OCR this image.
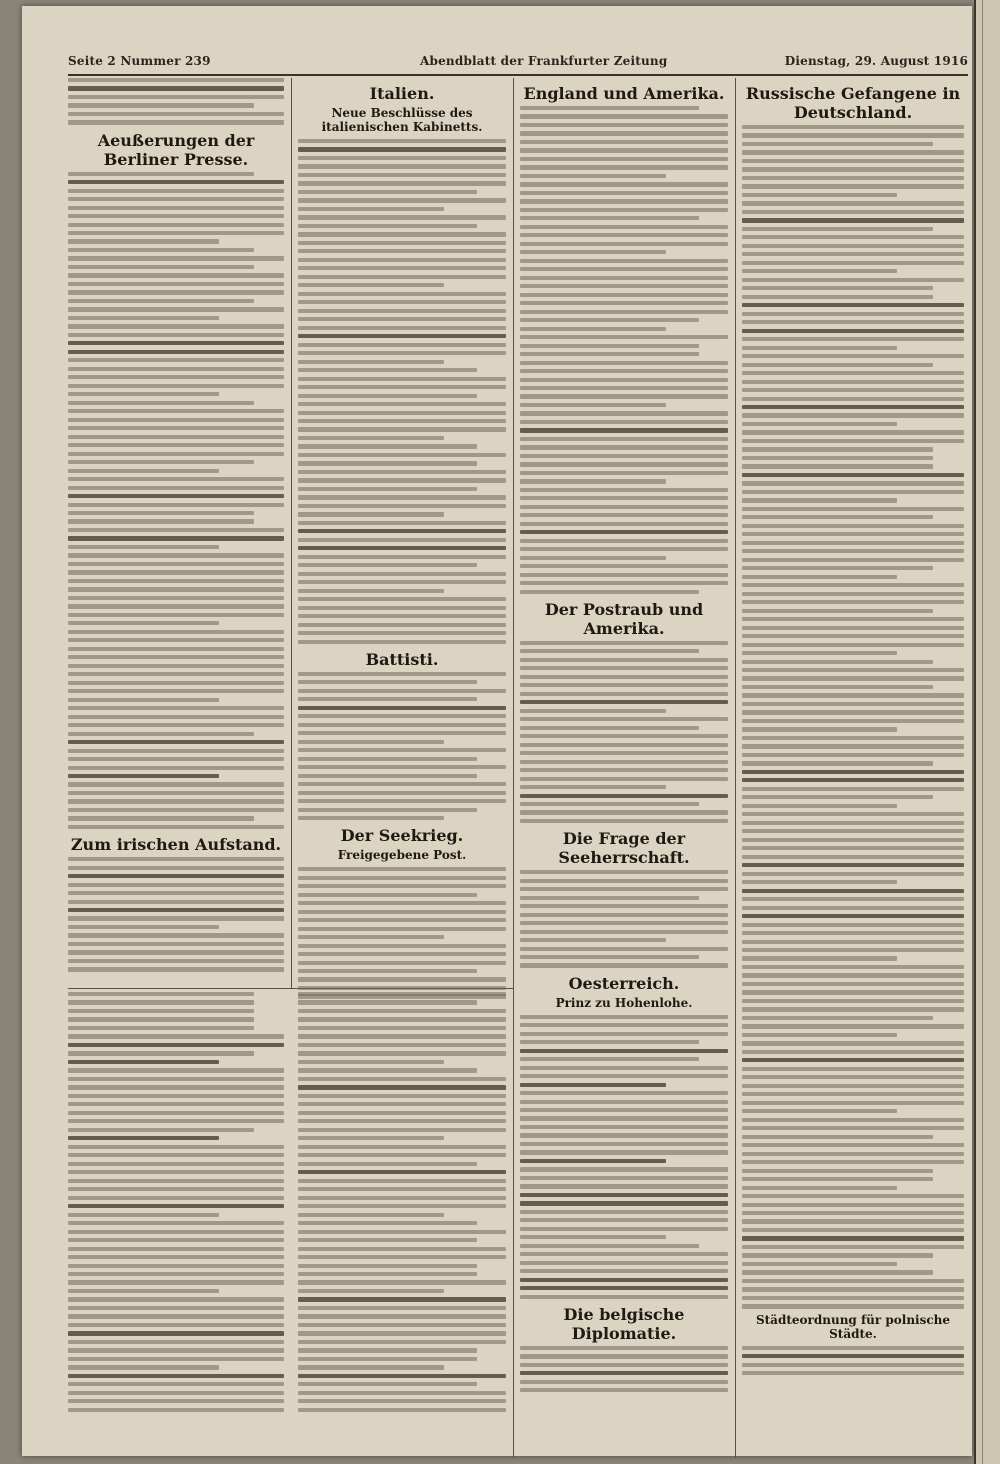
Seite 2 Nummer 239	Abendblatt der Frankfurter Zeitung	Dienstag, 29. August 1916
Aeußerungen der Berliner Presse.
Zum irischen Aufstand.
Italien.
Neue Beschlüsse des italienischen Kabinetts.
Battisti.
Der Seekrieg.
Freigegebene Post.
England und Amerika.
Der Postraub und Amerika.
Die Frage der Seeherrschaft.
Oesterreich.
Prinz zu Hohenlohe.
Die belgische Diplomatie.
Russische Gefangene in Deutschland.
Städteordnung für polnische Städte.
